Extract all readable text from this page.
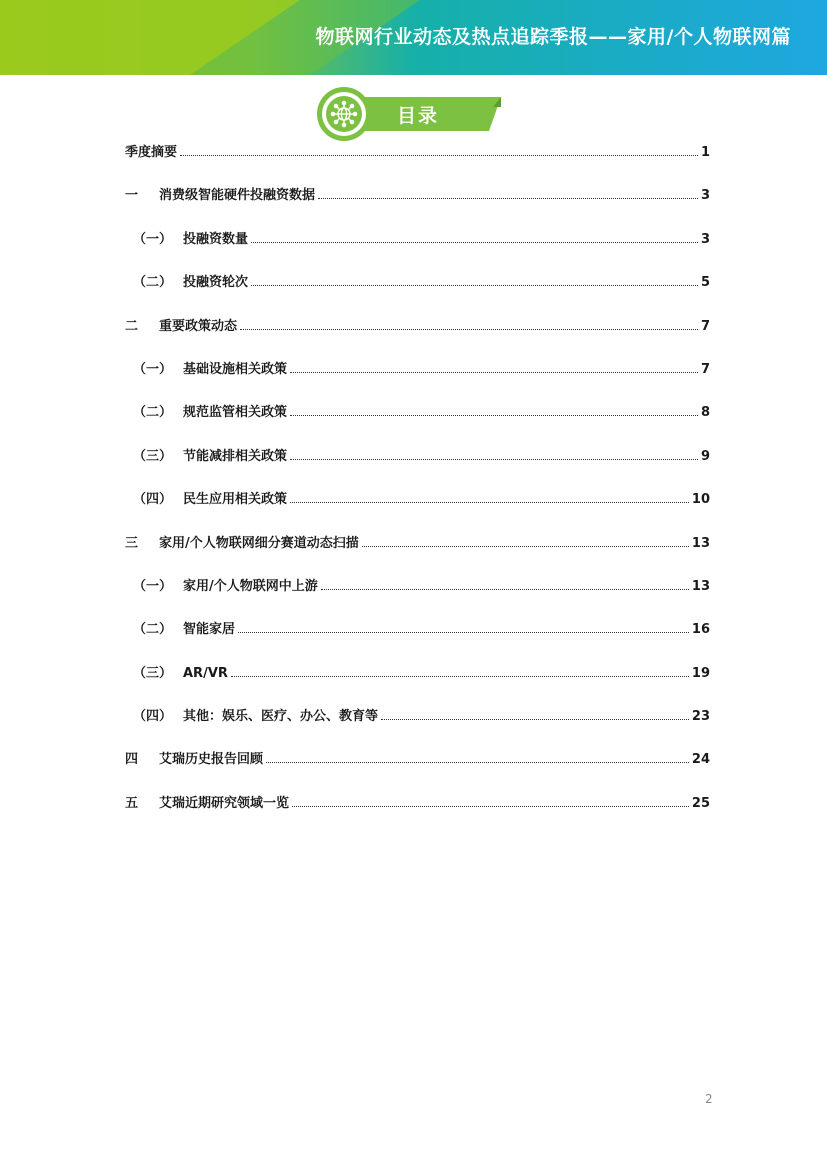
物联网行业动态及热点追踪季报——家用/个人物联网篇
目录
季度摘要	1
一	消费级智能硬件投融资数据	3
（一） 投融资数量	3
（二） 投融资轮次	5
二	重要政策动态	7
（一） 基础设施相关政策	7
（二） 规范监管相关政策	8
（三） 节能减排相关政策	9
（四） 民生应用相关政策	10
三	家用/个人物联网细分赛道动态扫描	13
（一） 家用/个人物联网中上游	13
（二） 智能家居	16
（三） AR/VR	19
（四） 其他：娱乐、医疗、办公、教育等	23
四	艾瑞历史报告回顾	24
五	艾瑞近期研究领域一览	25
2
